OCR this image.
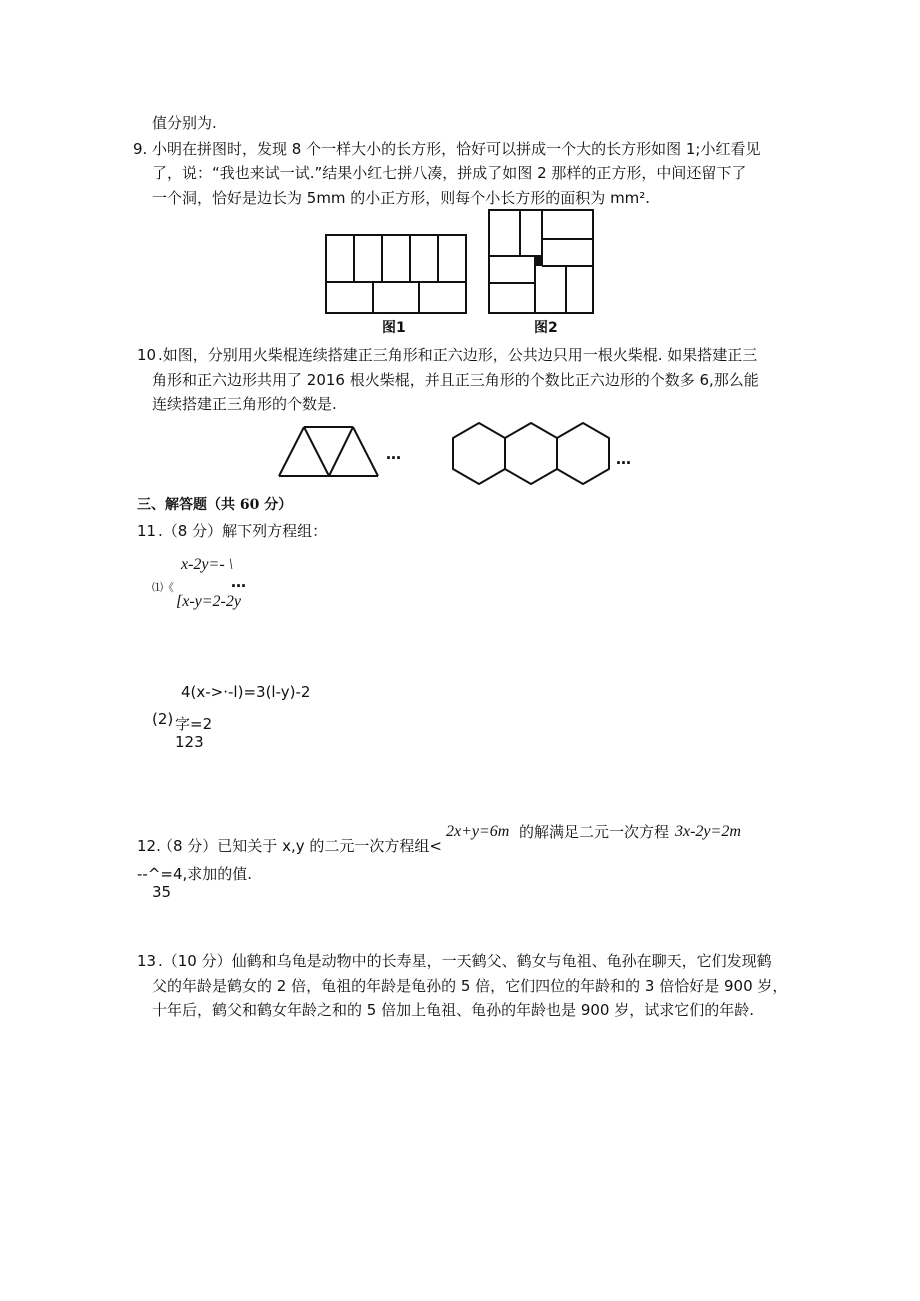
值分别为.
9. 小明在拼图时，发现 8 个一样大小的长方形，恰好可以拼成一个大的长方形如图 1;小红看见
了，说：“我也来试一试.”结果小红七拼八凑，拼成了如图 2 那样的正方形，中间还留下了
一个洞，恰好是边长为 5mm 的小正方形，则每个小长方形的面积为 mm².
图1	图2
10 .如图，分别用火柴棍连续搭建正三角形和正六边形，公共边只用一根火柴棍. 如果搭建正三
角形和正六边形共用了 2016 根火柴棍，并且正三角形的个数比正六边形的个数多 6,那么能
连续搭建正三角形的个数是.
…	…
三、解答题（共 60 分）
11 .（8 分）解下列方程组：
x-2y=- \
⑴《	…
[x-y=2-2y
4(x->·-l)=3(l-y)-2
(2) 字=2
123
12.
（8 分）已知关于 x,y 的二元一次方程组<
2x+y=6m 的解满足二元一次方程 3x-2y=2m
--^=4,求加的值.
35
13 .（10 分）仙鹤和乌龟是动物中的长寿星，一天鹤父、鹤女与龟祖、龟孙在聊天，它们发现鹤
父的年龄是鹤女的 2 倍，龟祖的年龄是龟孙的 5 倍，它们四位的年龄和的 3 倍恰好是 900 岁，
十年后，鹤父和鹤女年龄之和的 5 倍加上龟祖、龟孙的年龄也是 900 岁，试求它们的年龄.
